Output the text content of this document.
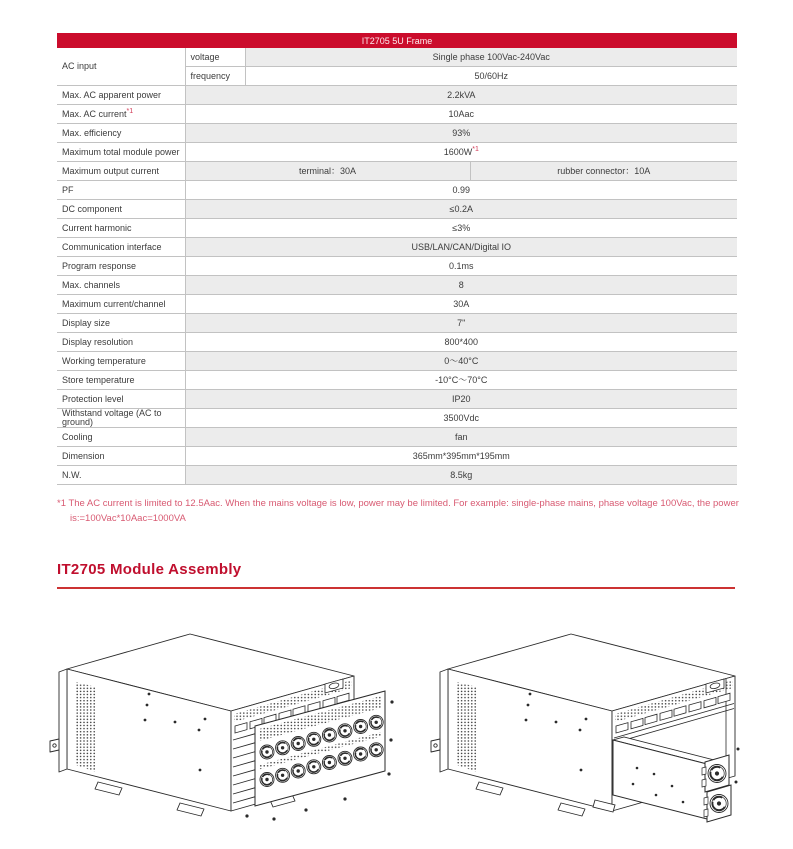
IT2705 5U Frame			
AC input	voltage	Single phase 100Vac-240Vac	
	frequency	50/60Hz	
Max. AC apparent power	2.2kVA		
Max. AC current$^{*1}$	10Aac		
Max. efficiency	93%		
Maximum total module power	$1600W^{*1}$
Maximum output current	terminal：30A		rubber connector：10A
PF	0.99		
DC component	≤0.2A		
Current harmonic	≤3%		
Communication interface	USB/LAN/CAN/Digital IO		
Program response	0.1ms		
Max. channels	8		
Maximum current/channel	30A		
Display size	7"		
Display resolution	800*400		
Working temperature	0～40°C		
Store temperature	-10°C～70°C		
Protection level	IP20		
Withstand voltage (AC to ground)	3500Vdc		
Cooling	fan		
Dimension	365mm*395mm*195mm		
N.W.	8.5kg		
*1 The AC current is limited to 12.5Aac. When the mains voltage is low, power may be limited. For example: single-phase mains, phase voltage 100Vac, the power
is:=100Vac*10Aac=1000VA
IT2705 Module Assembly
